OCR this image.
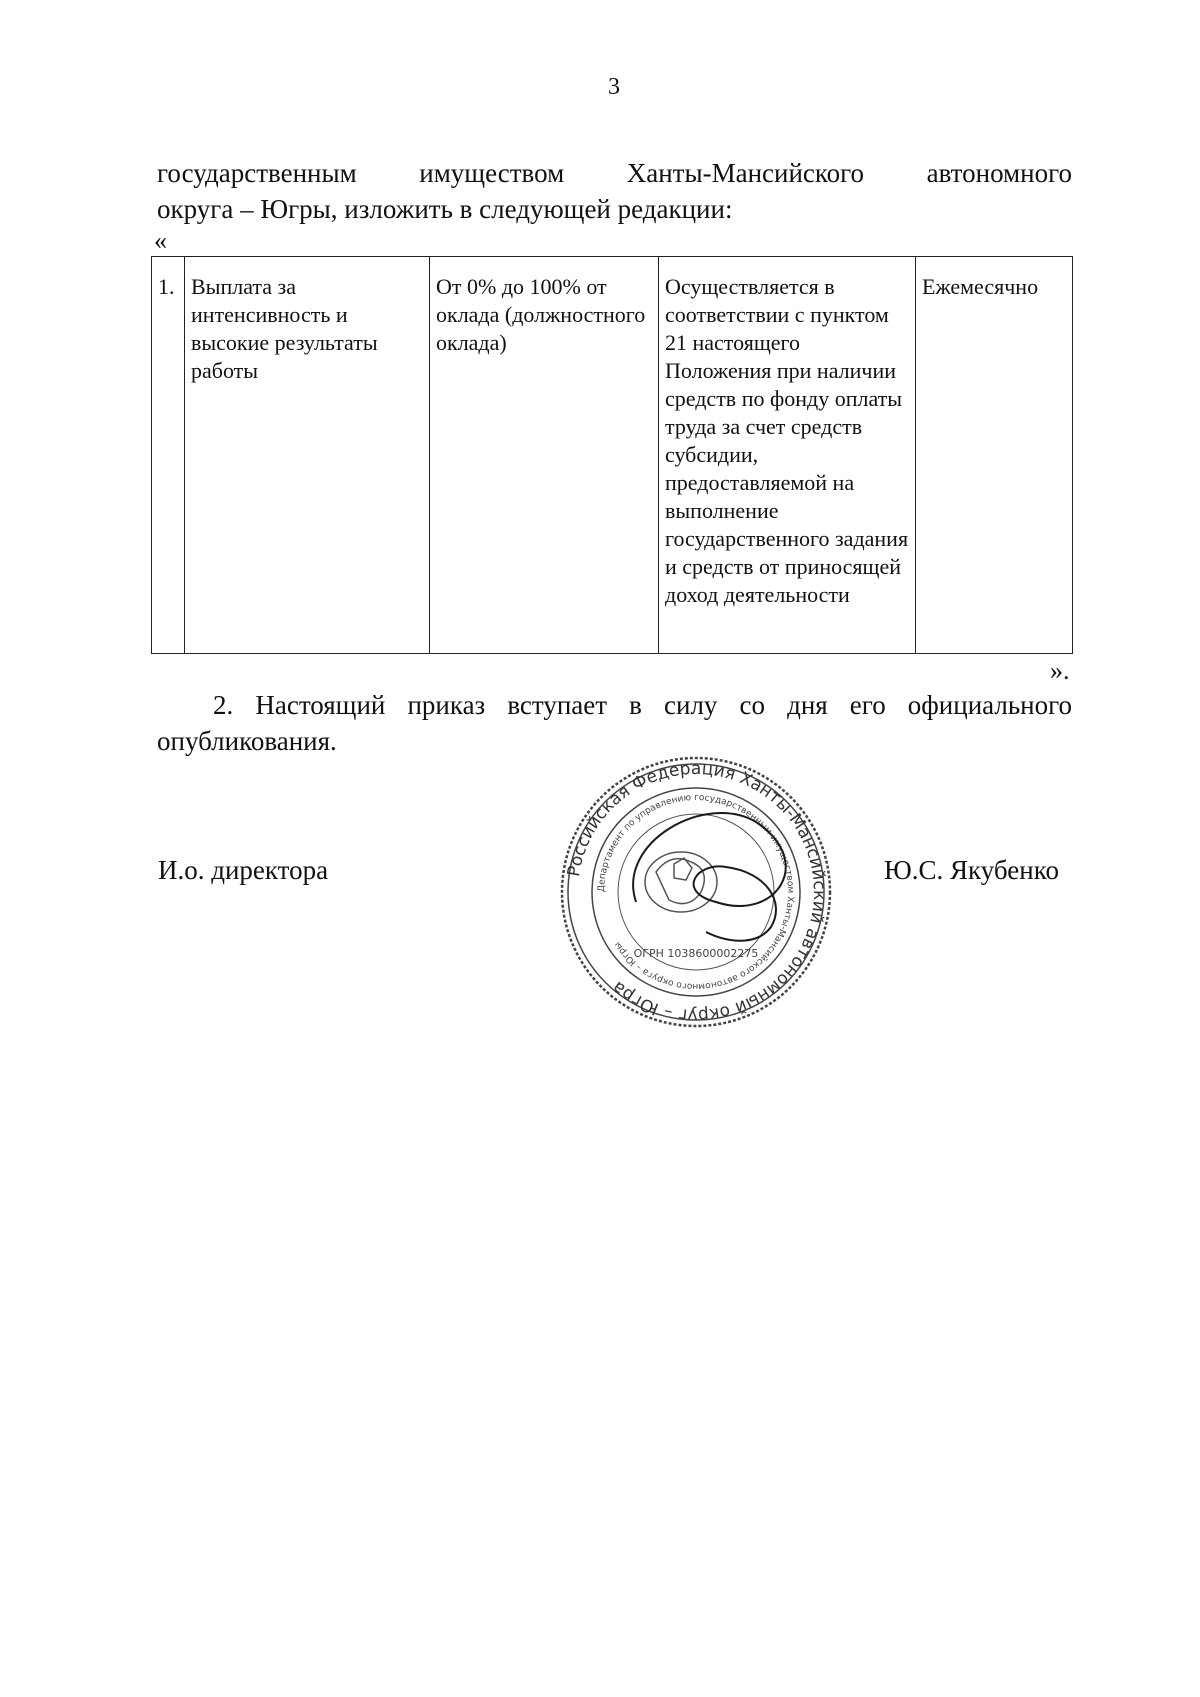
3
государственным имуществом Ханты-Мансийского автономного
округа – Югры, изложить в следующей редакции:
«
1.	Выплата за интенсивность и высокие результаты работы	От 0% до 100% от оклада (должностного оклада)	Осуществляется в соответствии с пунктом 21 настоящего Положения при наличии средств по фонду оплаты труда за счет средств субсидии, предоставляемой на выполнение государственного задания и средств от приносящей доход деятельности	Ежемесячно
».
2. Настоящий приказ вступает в силу со дня его официального
опубликования.
И.о. директора	Ю.С. Якубенко
Российская Федерация Ханты-Мансийский автономный округ – Югра
Департамент по управлению государственным имуществом Ханты-Мансийского автономного округа – Югры
ОГРН 1038600002275
